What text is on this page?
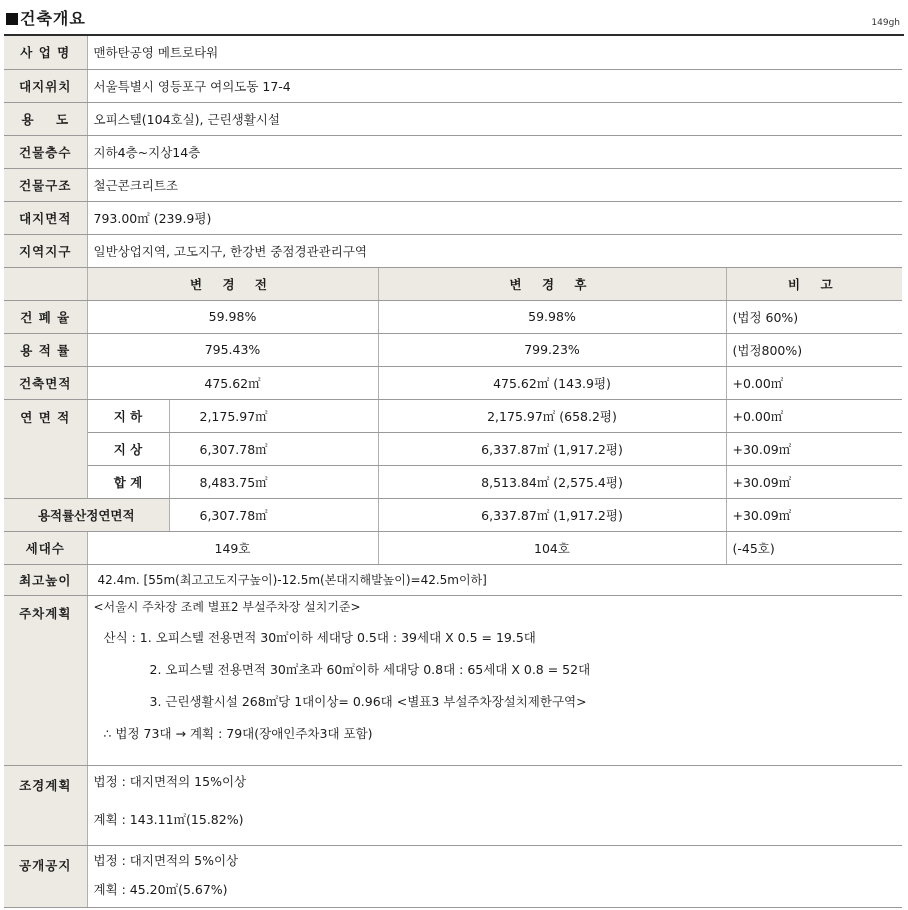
건축개요	149gh
사 업 명	맨하탄공영 메트로타워			
대지위치	서울특별시 영등포구 여의도동 17-4			
용    도	오피스텔(104호실), 근린생활시설			
건물층수	지하4층~지상14층			
건물구조	철근콘크리트조			
대지면적	793.00㎡ (239.9평)			
지역지구	일반상업지역, 고도지구, 한강변 중점경관관리구역			
	변 경 전		변 경 후	비 고
건 폐 율	59.98%		59.98%	(법정 60%)
용 적 률	795.43%		799.23%	(법정800%)
건축면적	475.62㎡		475.62㎡ (143.9평)	+0.00㎡
연 면 적	지 하	2,175.97㎡	2,175.97㎡ (658.2평)	+0.00㎡
	지 상	6,307.78㎡	6,337.87㎡ (1,917.2평)	+30.09㎡
	합 계	8,483.75㎡	8,513.84㎡ (2,575.4평)	+30.09㎡
용적률산정연면적		6,307.78㎡	6,337.87㎡ (1,917.2평)	+30.09㎡
세대수	149호		104호	(-45호)
최고높이	42.4m. [55m(최고고도지구높이)-12.5m(본대지해발높이)=42.5m이하]			
주차계획	<서울시 주차장 조례 별표2 부설주차장 설치기준>
산식 : 1. 오피스텔 전용면적 30㎡이하 세대당 0.5대 : 39세대 X 0.5 = 19.5대
2. 오피스텔 전용면적 30㎡초과 60㎡이하 세대당 0.8대 : 65세대 X 0.8 = 52대
3. 근린생활시설 268㎡당 1대이상= 0.96대 <별표3 부설주차장설치제한구역>
∴ 법정 73대 → 계획 : 79대(장애인주차3대 포함)			

조경계획	법정 : 대지면적의 15%이상
계획 : 143.11㎡(15.82%)			

공개공지	법정 : 대지면적의 5%이상
계획 : 45.20㎡(5.67%)			
